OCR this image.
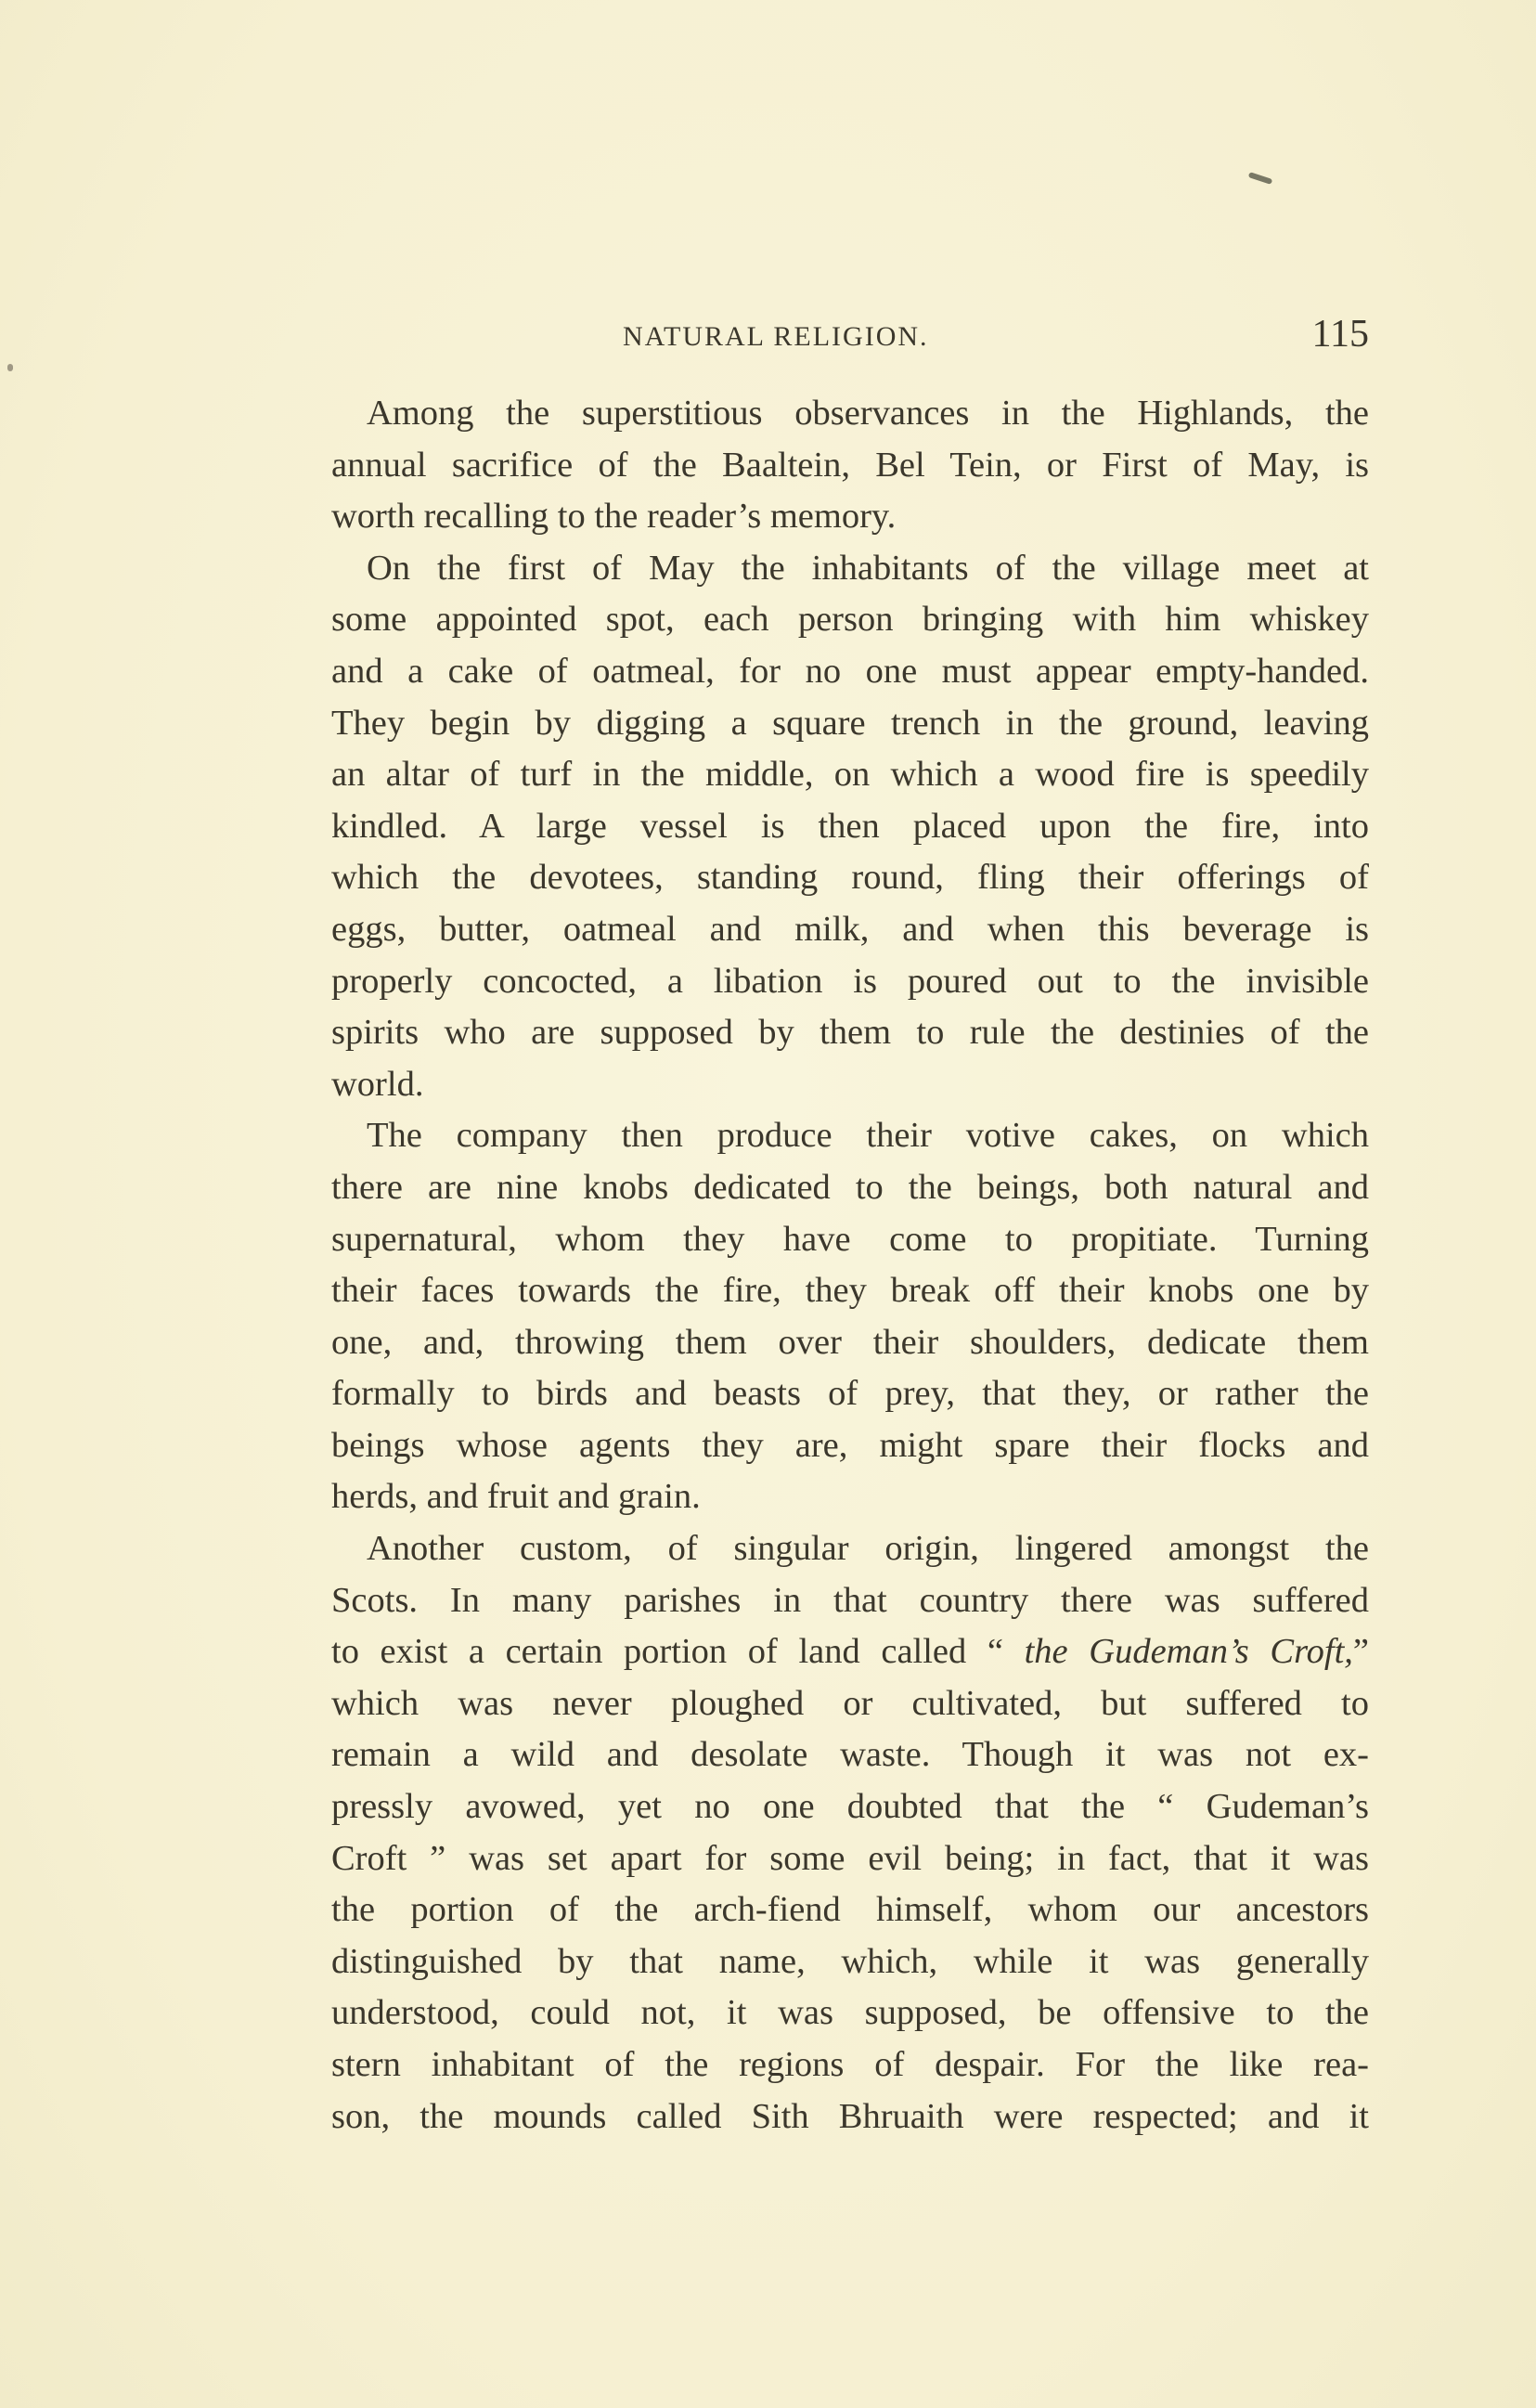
NATURAL RELIGION.	115
Among the superstitious observances in the Highlands, the
annual sacrifice of the Baaltein, Bel Tein, or First of May, is
worth recalling to the reader’s memory.
On the first of May the inhabitants of the village meet at
some appointed spot, each person bringing with him whiskey
and a cake of oatmeal, for no one must appear empty-handed.
They begin by digging a square trench in the ground, leaving
an altar of turf in the middle, on which a wood fire is speedily
kindled. A large vessel is then placed upon the fire, into
which the devotees, standing round, fling their offerings of
eggs, butter, oatmeal and milk, and when this beverage is
properly concocted, a libation is poured out to the invisible
spirits who are supposed by them to rule the destinies of the
world.
The company then produce their votive cakes, on which
there are nine knobs dedicated to the beings, both natural and
supernatural, whom they have come to propitiate. Turning
their faces towards the fire, they break off their knobs one by
one, and, throwing them over their shoulders, dedicate them
formally to birds and beasts of prey, that they, or rather the
beings whose agents they are, might spare their flocks and
herds, and fruit and grain.
Another custom, of singular origin, lingered amongst the
Scots. In many parishes in that country there was suffered
to exist a certain portion of land called “ the Gudeman’s Croft,”
which was never ploughed or cultivated, but suffered to
remain a wild and desolate waste. Though it was not ex-
pressly avowed, yet no one doubted that the “ Gudeman’s
Croft ” was set apart for some evil being; in fact, that it was
the portion of the arch-fiend himself, whom our ancestors
distinguished by that name, which, while it was generally
understood, could not, it was supposed, be offensive to the
stern inhabitant of the regions of despair. For the like rea-
son, the mounds called Sith Bhruaith were respected; and it
